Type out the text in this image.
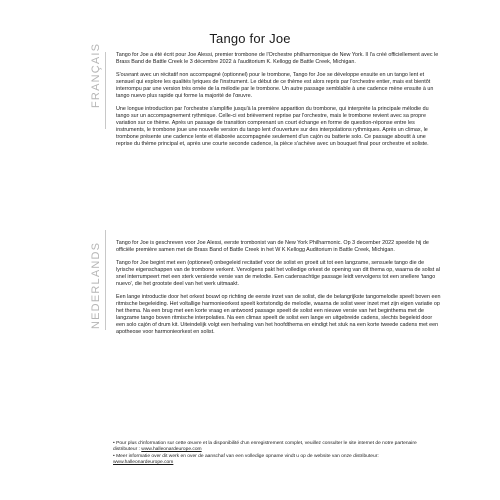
Tango for Joe
FRANÇAIS	Tango for Joe a été écrit pour Joe Alessi, premier trombone de l'Orchestre philharmonique de New York. Il l'a créé officiellement avec le Brass Band de Battle Creek le 3 décembre 2022 à l'auditorium K. Kellogg de Battle Creek, Michigan.

S'ouvrant avec un récitatif non accompagné (optionnel) pour le trombone, Tango for Joe se développe ensuite en un tango lent et sensuel qui explore les qualités lyriques de l'instrument. Le début de ce thème est alors repris par l'orchestre entier, mais est bientôt interrompu par une version très ornée de la mélodie par le trombone. Un autre passage semblable à une cadence mène ensuite à un tango nuevo plus rapide qui forme la majorité de l'œuvre.

Une longue introduction par l'orchestre s'amplifie jusqu'à la première apparition du trombone, qui interprète la principale mélodie du tango sur un accompagnement rythmique. Celle-ci est brièvement reprise par l'orchestre, mais le trombone revient avec sa propre variation sur ce thème. Après un passage de transition comprenant un court échange en forme de question-réponse entre les instruments, le trombone joue une nouvelle version du tango lent d'ouverture sur des interpolations rythmiques. Après un climax, le trombone présente une cadence lente et élaborée accompagnée seulement d'un cajón ou batterie solo. Ce passage aboutit à une reprise du thème principal et, après une courte seconde cadence, la pièce s'achève avec un bouquet final pour orchestre et soliste.

NEDERLANDS	Tango for Joe is geschreven voor Joe Alessi, eerste trombonist van de New York Philharmonic. Op 3 december 2022 speelde hij de officiële première samen met de Brass Band of Battle Creek in het W K Kellogg Auditorium in Battle Creek, Michigan.

Tango for Joe begint met een (optioneel) onbegeleid recitatief voor de solist en groeit uit tot een langzame, sensuele tango die de lyrische eigenschappen van de trombone verkent. Vervolgens pakt het volledige orkest de opening van dit thema op, waarna de solist al snel interrumpeert met een sterk versierde versie van de melodie. Een cadensachtige passage leidt vervolgens tot een snellere 'tango nuevo', die het grootste deel van het werk uitmaakt.

Een lange introductie door het orkest bouwt op richting de eerste inzet van de solist, die de belangrijkste tangomelodie speelt boven een ritmische begeleiding. Het voltallige harmonieorkest speelt kortstondig de melodie, waarna de solist weer inzet met zijn eigen variatie op het thema. Na een brug met een korte vraag en antwoord passage speelt de solist een nieuwe versie van het beginthema met de langzame tango boven ritmische interpolaties. Na een climax speelt de solist een lange en uitgebreide cadens, slechts begeleid door een solo cajón of drum kit. Uiteindelijk volgt een herhaling van het hoofdthema en eindigt het stuk na een korte tweede cadens met een apotheose voor harmonieorkest en solist.

• Pour plus d'information sur cette œuvre et la disponibilité d'un enregistrement complet, veuillez consulter le site internet de notre partenaire
distributeur : www.halleonardeurope.com
• Meer informatie over dit werk en over de aanschaf van een volledige opname vindt u op de website van onze distributeur:
www.halleonardeurope.com
